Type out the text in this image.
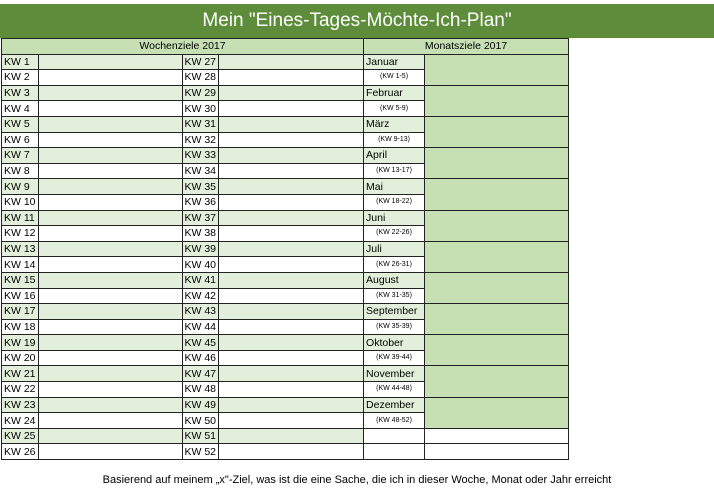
Mein "Eines-Tages-Möchte-Ich-Plan"
Wochenziele 2017				Monatsziele 2017	
KW 1		KW 27		Januar	
KW 2		KW 28		(KW 1-5)	
KW 3		KW 29		Februar	
KW 4		KW 30		(KW 5-9)	
KW 5		KW 31		März	
KW 6		KW 32		(KW 9-13)	
KW 7		KW 33		April	
KW 8		KW 34		(KW 13-17)	
KW 9		KW 35		Mai	
KW 10		KW 36		(KW 18-22)	
KW 11		KW 37		Juni	
KW 12		KW 38		(KW 22-26)	
KW 13		KW 39		Juli	
KW 14		KW 40		(KW 26-31)	
KW 15		KW 41		August	
KW 16		KW 42		(KW 31-35)	
KW 17		KW 43		September	
KW 18		KW 44		(KW 35-39)	
KW 19		KW 45		Oktober	
KW 20		KW 46		(KW 39-44)	
KW 21		KW 47		November	
KW 22		KW 48		(KW 44-48)	
KW 23		KW 49		Dezember	
KW 24		KW 50		(KW 48-52)	
KW 25		KW 51			
KW 26		KW 52			
Basierend auf meinem „x"-Ziel, was ist die eine Sache, die ich in dieser Woche, Monat oder Jahr erreicht
